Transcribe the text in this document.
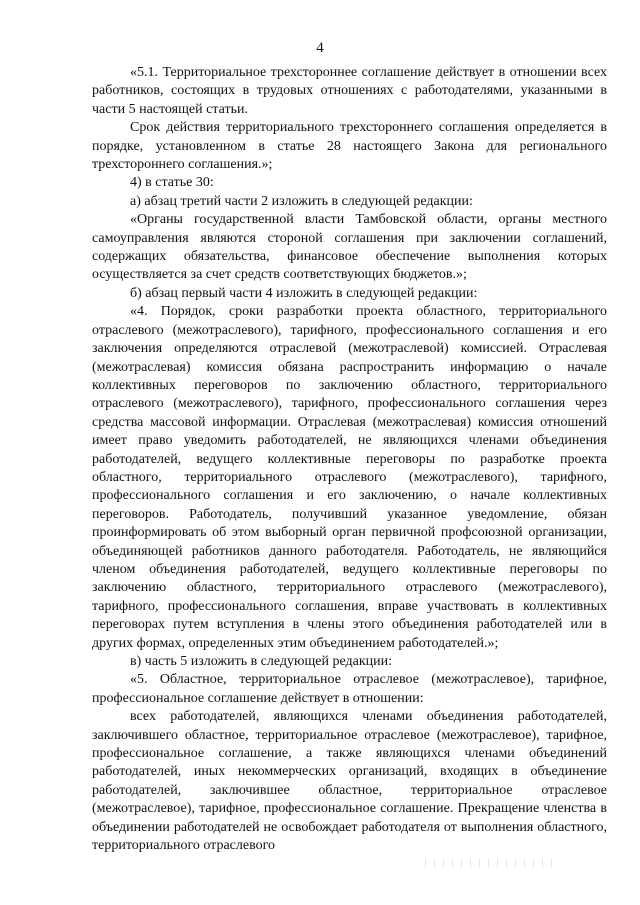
4

«5.1. Территориальное трехстороннее соглашение действует в отношении всех работников, состоящих в трудовых отношениях с работодателями, указанными в части 5 настоящей статьи.

Срок действия территориального трехстороннего соглашения определяется в порядке, установленном в статье 28 настоящего Закона для регионального трехстороннего соглашения.»;

4) в статье 30:

а) абзац третий части 2 изложить в следующей редакции:

«Органы государственной власти Тамбовской области, органы местного самоуправления являются стороной соглашения при заключении соглашений, содержащих обязательства, финансовое обеспечение выполнения которых осуществляется за счет средств соответствующих бюджетов.»;

б) абзац первый части 4 изложить в следующей редакции:

«4. Порядок, сроки разработки проекта областного, территориального отраслевого (межотраслевого), тарифного, профессионального соглашения и его заключения определяются отраслевой (межотраслевой) комиссией. Отраслевая (межотраслевая) комиссия обязана распространить информацию о начале коллективных переговоров по заключению областного, территориального отраслевого (межотраслевого), тарифного, профессионального соглашения через средства массовой информации. Отраслевая (межотраслевая) комиссия отношений имеет право уведомить работодателей, не являющихся членами объединения работодателей, ведущего коллективные переговоры по разработке проекта областного, территориального отраслевого (межотраслевого), тарифного, профессионального соглашения и его заключению, о начале коллективных переговоров. Работодатель, получивший указанное уведомление, обязан проинформировать об этом выборный орган первичной профсоюзной организации, объединяющей работников данного работодателя. Работодатель, не являющийся членом объединения работодателей, ведущего коллективные переговоры по заключению областного, территориального отраслевого (межотраслевого), тарифного, профессионального соглашения, вправе участвовать в коллективных переговорах путем вступления в члены этого объединения работодателей или в других формах, определенных этим объединением работодателей.»;

в) часть 5 изложить в следующей редакции:

«5. Областное, территориальное отраслевое (межотраслевое), тарифное, профессиональное соглашение действует в отношении:

всех работодателей, являющихся членами объединения работодателей, заключившего областное, территориальное отраслевое (межотраслевое), тарифное, профессиональное соглашение, а также являющихся членами объединений работодателей, иных некоммерческих организаций, входящих в объединение работодателей, заключившее областное, территориальное отраслевое (межотраслевое), тарифное, профессиональное соглашение. Прекращение членства в объединении работодателей не освобождает работодателя от выполнения областного, территориального отраслевого
